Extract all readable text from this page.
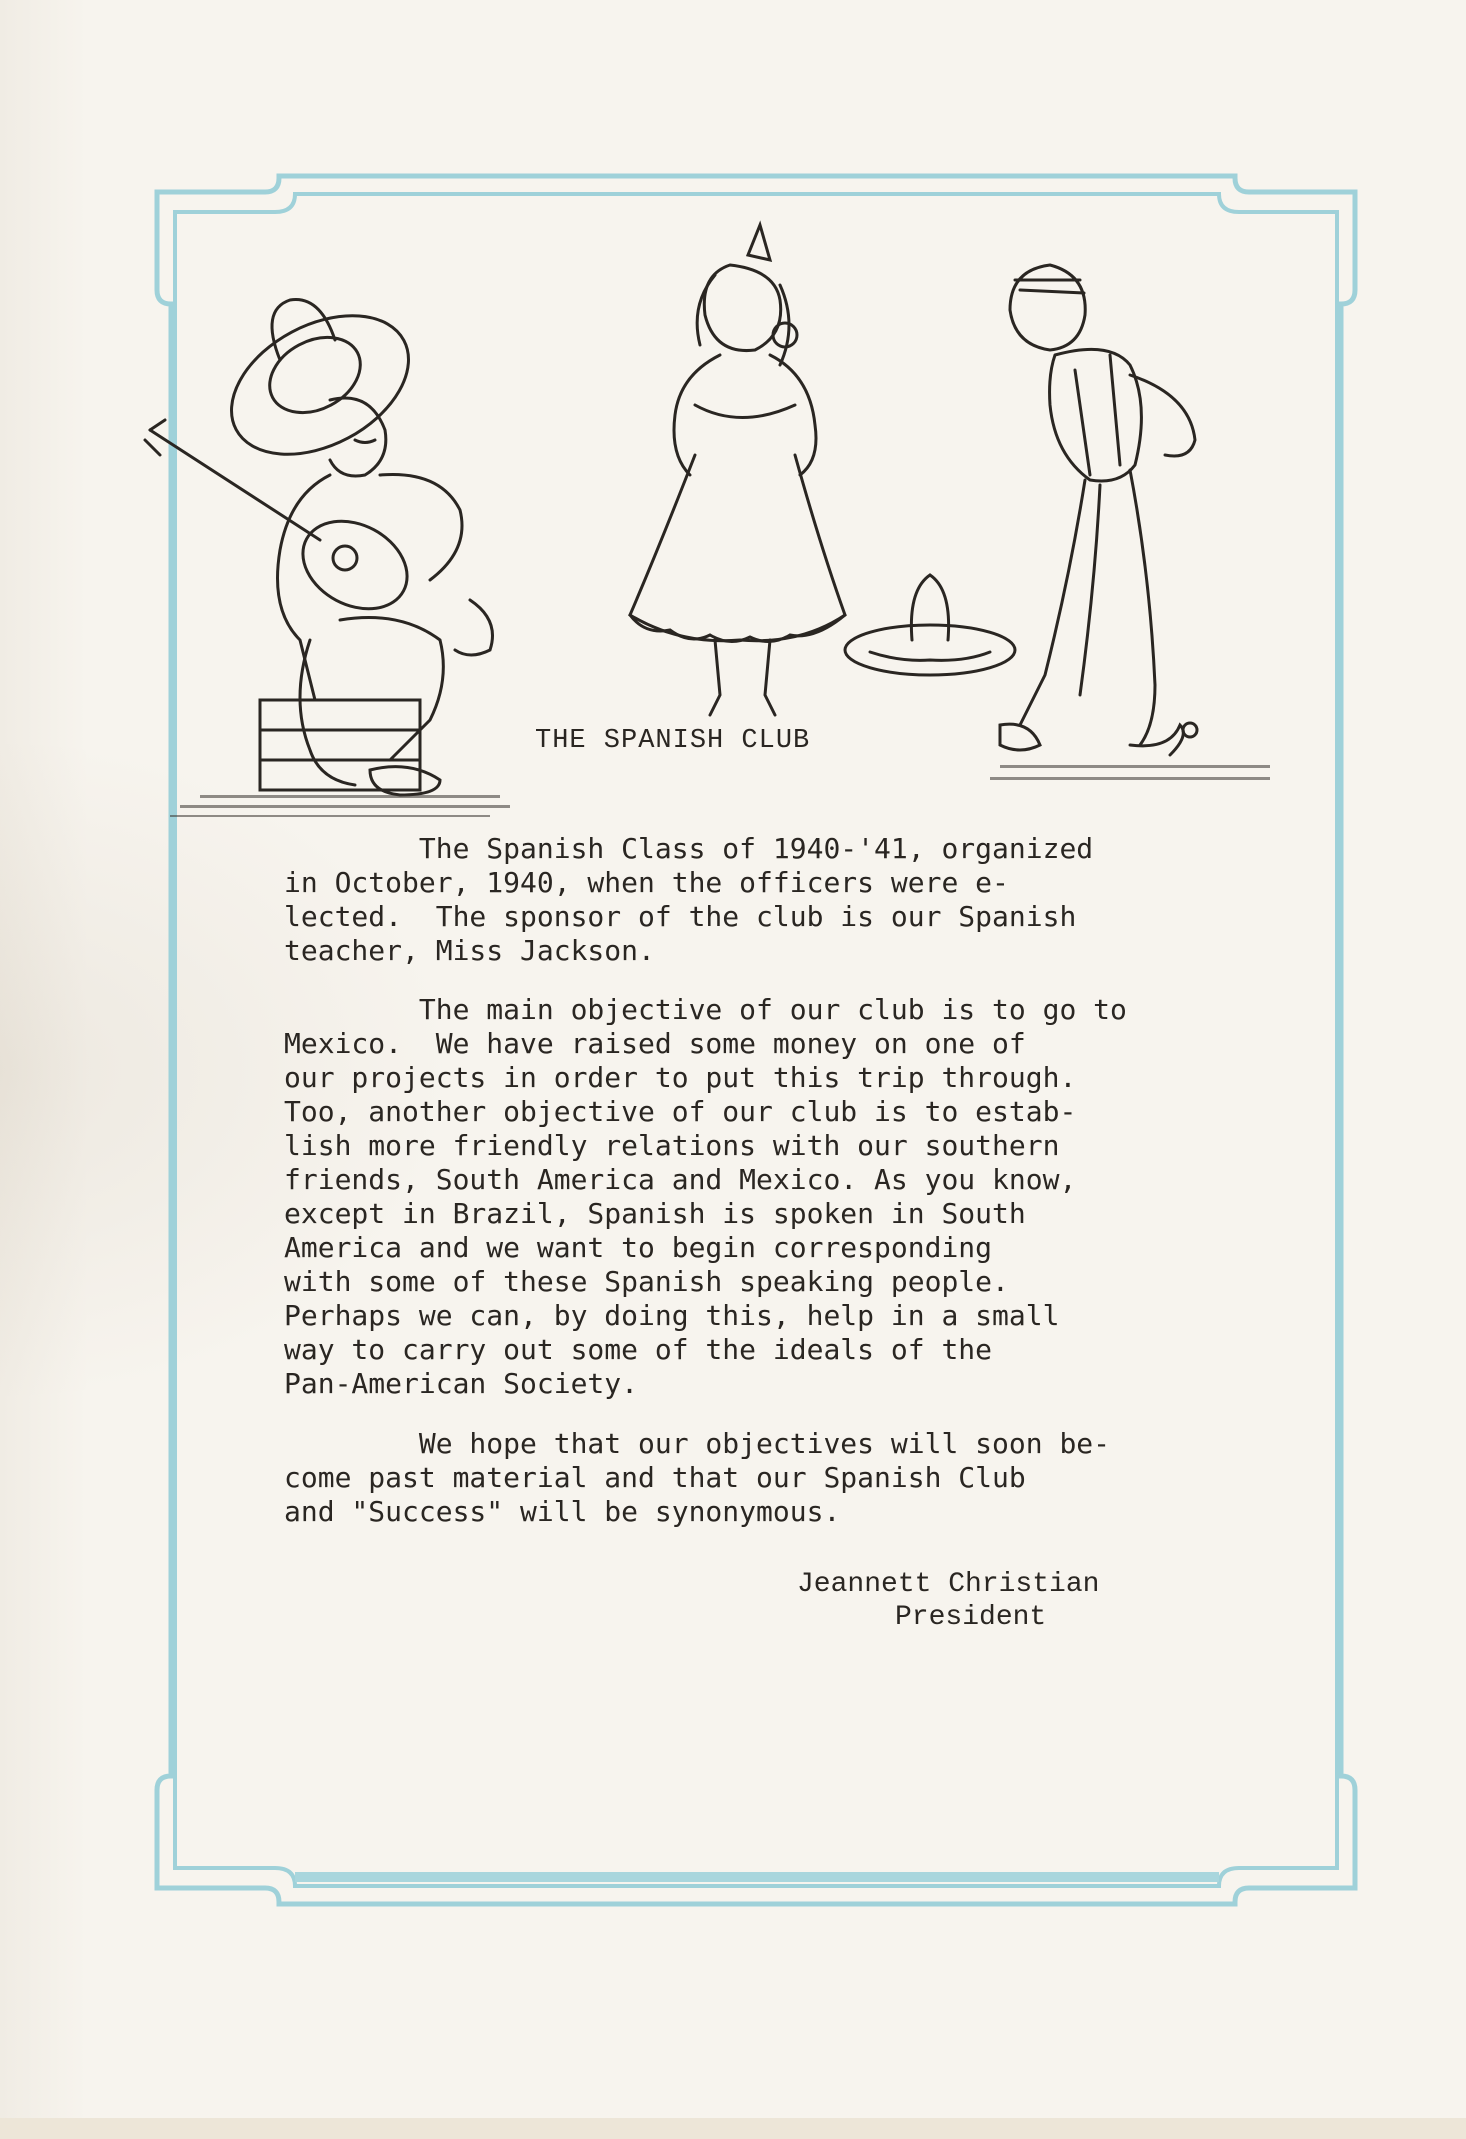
THE SPANISH CLUB
The Spanish Class of 1940-'41, organized
in October, 1940, when the officers were e-
lected.  The sponsor of the club is our Spanish
teacher, Miss Jackson.
The main objective of our club is to go to
Mexico.  We have raised some money on one of
our projects in order to put this trip through.
Too, another objective of our club is to estab-
lish more friendly relations with our southern
friends, South America and Mexico. As you know,
except in Brazil, Spanish is spoken in South
America and we want to begin corresponding
with some of these Spanish speaking people.
Perhaps we can, by doing this, help in a small
way to carry out some of the ideals of the
Pan-American Society.
We hope that our objectives will soon be-
come past material and that our Spanish Club
and "Success" will be synonymous.
Jeannett Christian
President
